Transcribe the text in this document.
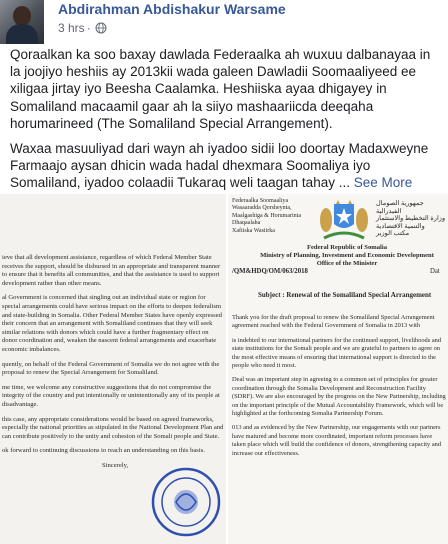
Abdirahman Abdishakur Warsame
3 hrs ·

Qoraalkan ka soo baxay dawlada Federaalka ah wuxuu dalbanayaa in la joojiyo heshiis ay 2013kii wada galeen Dawladii Soomaaliyeed ee xiligaa jirtay iyo Beesha Caalamka. Heshiiska ayaa dhigayey in Somaliland macaamil gaar ah la siiyo mashaariicda deeqaha horumarineed (The Somaliland Special Arrangement).

Waxaa masuuliyad dari wayn ah iyadoo sidii loo doortay Madaxweyne Farmaajo aysan dhicin wada hadal dhexmara Soomaliya iyo Somaliland, iyadoo colaadii Tukaraq weli taagan tahay ... See More

ieve that all development assistance, regardless of which Federal Member State receives the support, should be disbursed in an appropriate and transparent manner to ensure that it benefits all communities, and that the assistance is used to support development rather than other means.

al Government is concerned that singling out an individual state or region for special arrangements could have serious impact on the efforts to deepen federalism and state-building in Somalia. Other Federal Member States have openly expressed their concern that an arrangement with Somaliland continues that they will seek similar relations with donors which could have a further fragmentary effect on donor coordination and, weaken the nascent federal arrangements and exacerbate economic imbalances.

quently, on behalf of the Federal Government of Somalia we do not agree with the proposal to renew the Special Arrangement for Somaliland.

me time, we welcome any constructive suggestions that do not compromise the integrity of the country and put intentionally or unintentionally any of its people at disadvantage.

this case, any appropriate considerations would be based on agreed frameworks, especially the national priorities as stipulated in the National Development Plan and can contribute positively to the unity and cohesion of the Somali people and State.

ok forward to continuing discussions to reach an understanding on this basis.

Sincerely,

Federaalka Soomaaliya
Wasaaradda Qorsheynta, Maalgashiga & Horumarinta Dhaqaalaha
Xafiiska Wasiirka
جمهورية الصومال الفيدرالية
وزارة التخطيط والاستثمار والتنمية الاقتصادية
مكتب الوزير
Federal Republic of Somalia
Ministry of Planning, Investment and Economic Development
Office of the Minister
/QM&HDQ/OM/063/2018	Dat
Subject : Renewal of the Somaliland Special Arrangement

Thank you for the draft proposal to renew the Somaliland Special Arrangement agreement reached with the Federal Government of Somalia in 2013 with

is indebted to our international partners for the continued support, livelihoods and state institutions for the Somali people and we are grateful to partners to agree on the most effective means of ensuring that international support is directed to the people who need it most.

Deal was an important step in agreeing to a common set of principles for greater coordination through the Somalia Development and Reconstruction Facility (SDRF). We are also encouraged by the progress on the New Partnership, including on the important principle of the Mutual Accountability Framework, which will be highlighted at the forthcoming Somalia Partnership Forum.

013 and as evidenced by the New Partnership, our engagements with our partners have matured and become more coordinated, important reform processes have taken place which will build the confidence of donors, strengthening capacity and increase our effectiveness.
